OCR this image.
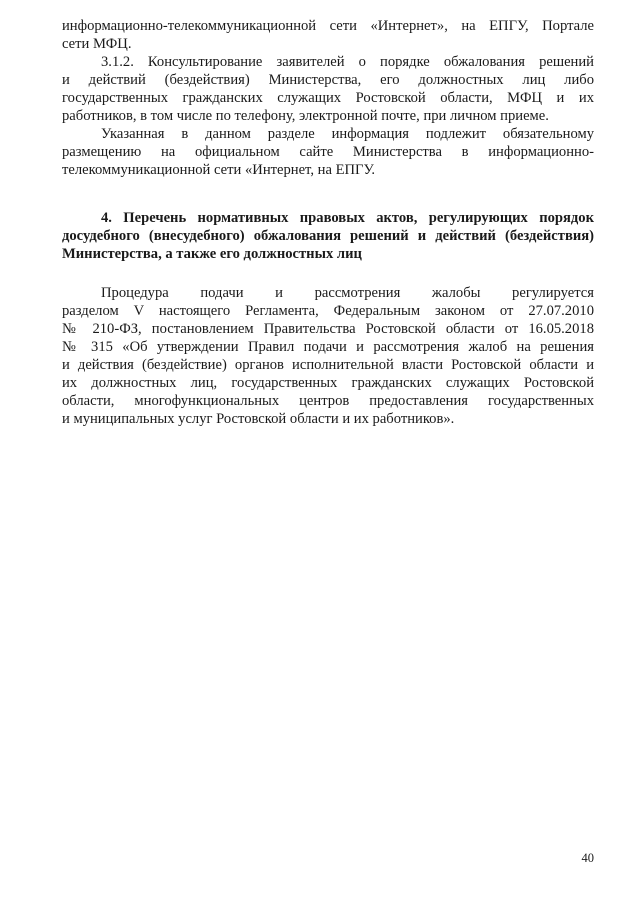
информационно-телекоммуникационной сети «Интернет», на ЕПГУ, Портале
сети МФЦ.
3.1.2. Консультирование заявителей о порядке обжалования решений
и действий (бездействия) Министерства, его должностных лиц либо
государственных гражданских служащих Ростовской области, МФЦ и их
работников, в том числе по телефону, электронной почте, при личном приеме.
Указанная в данном разделе информация подлежит обязательному
размещению на официальном сайте Министерства в информационно-
телекоммуникационной сети «Интернет, на ЕПГУ.
4. Перечень нормативных правовых актов, регулирующих порядок
досудебного (внесудебного) обжалования решений и действий (бездействия)
Министерства, а также его должностных лиц
Процедура подачи и рассмотрения жалобы регулируется
разделом V настоящего Регламента, Федеральным законом от 27.07.2010
№ 210-ФЗ, постановлением Правительства Ростовской области от 16.05.2018
№ 315 «Об утверждении Правил подачи и рассмотрения жалоб на решения
и действия (бездействие) органов исполнительной власти Ростовской области и
их должностных лиц, государственных гражданских служащих Ростовской
области, многофункциональных центров предоставления государственных
и муниципальных услуг Ростовской области и их работников».
40
